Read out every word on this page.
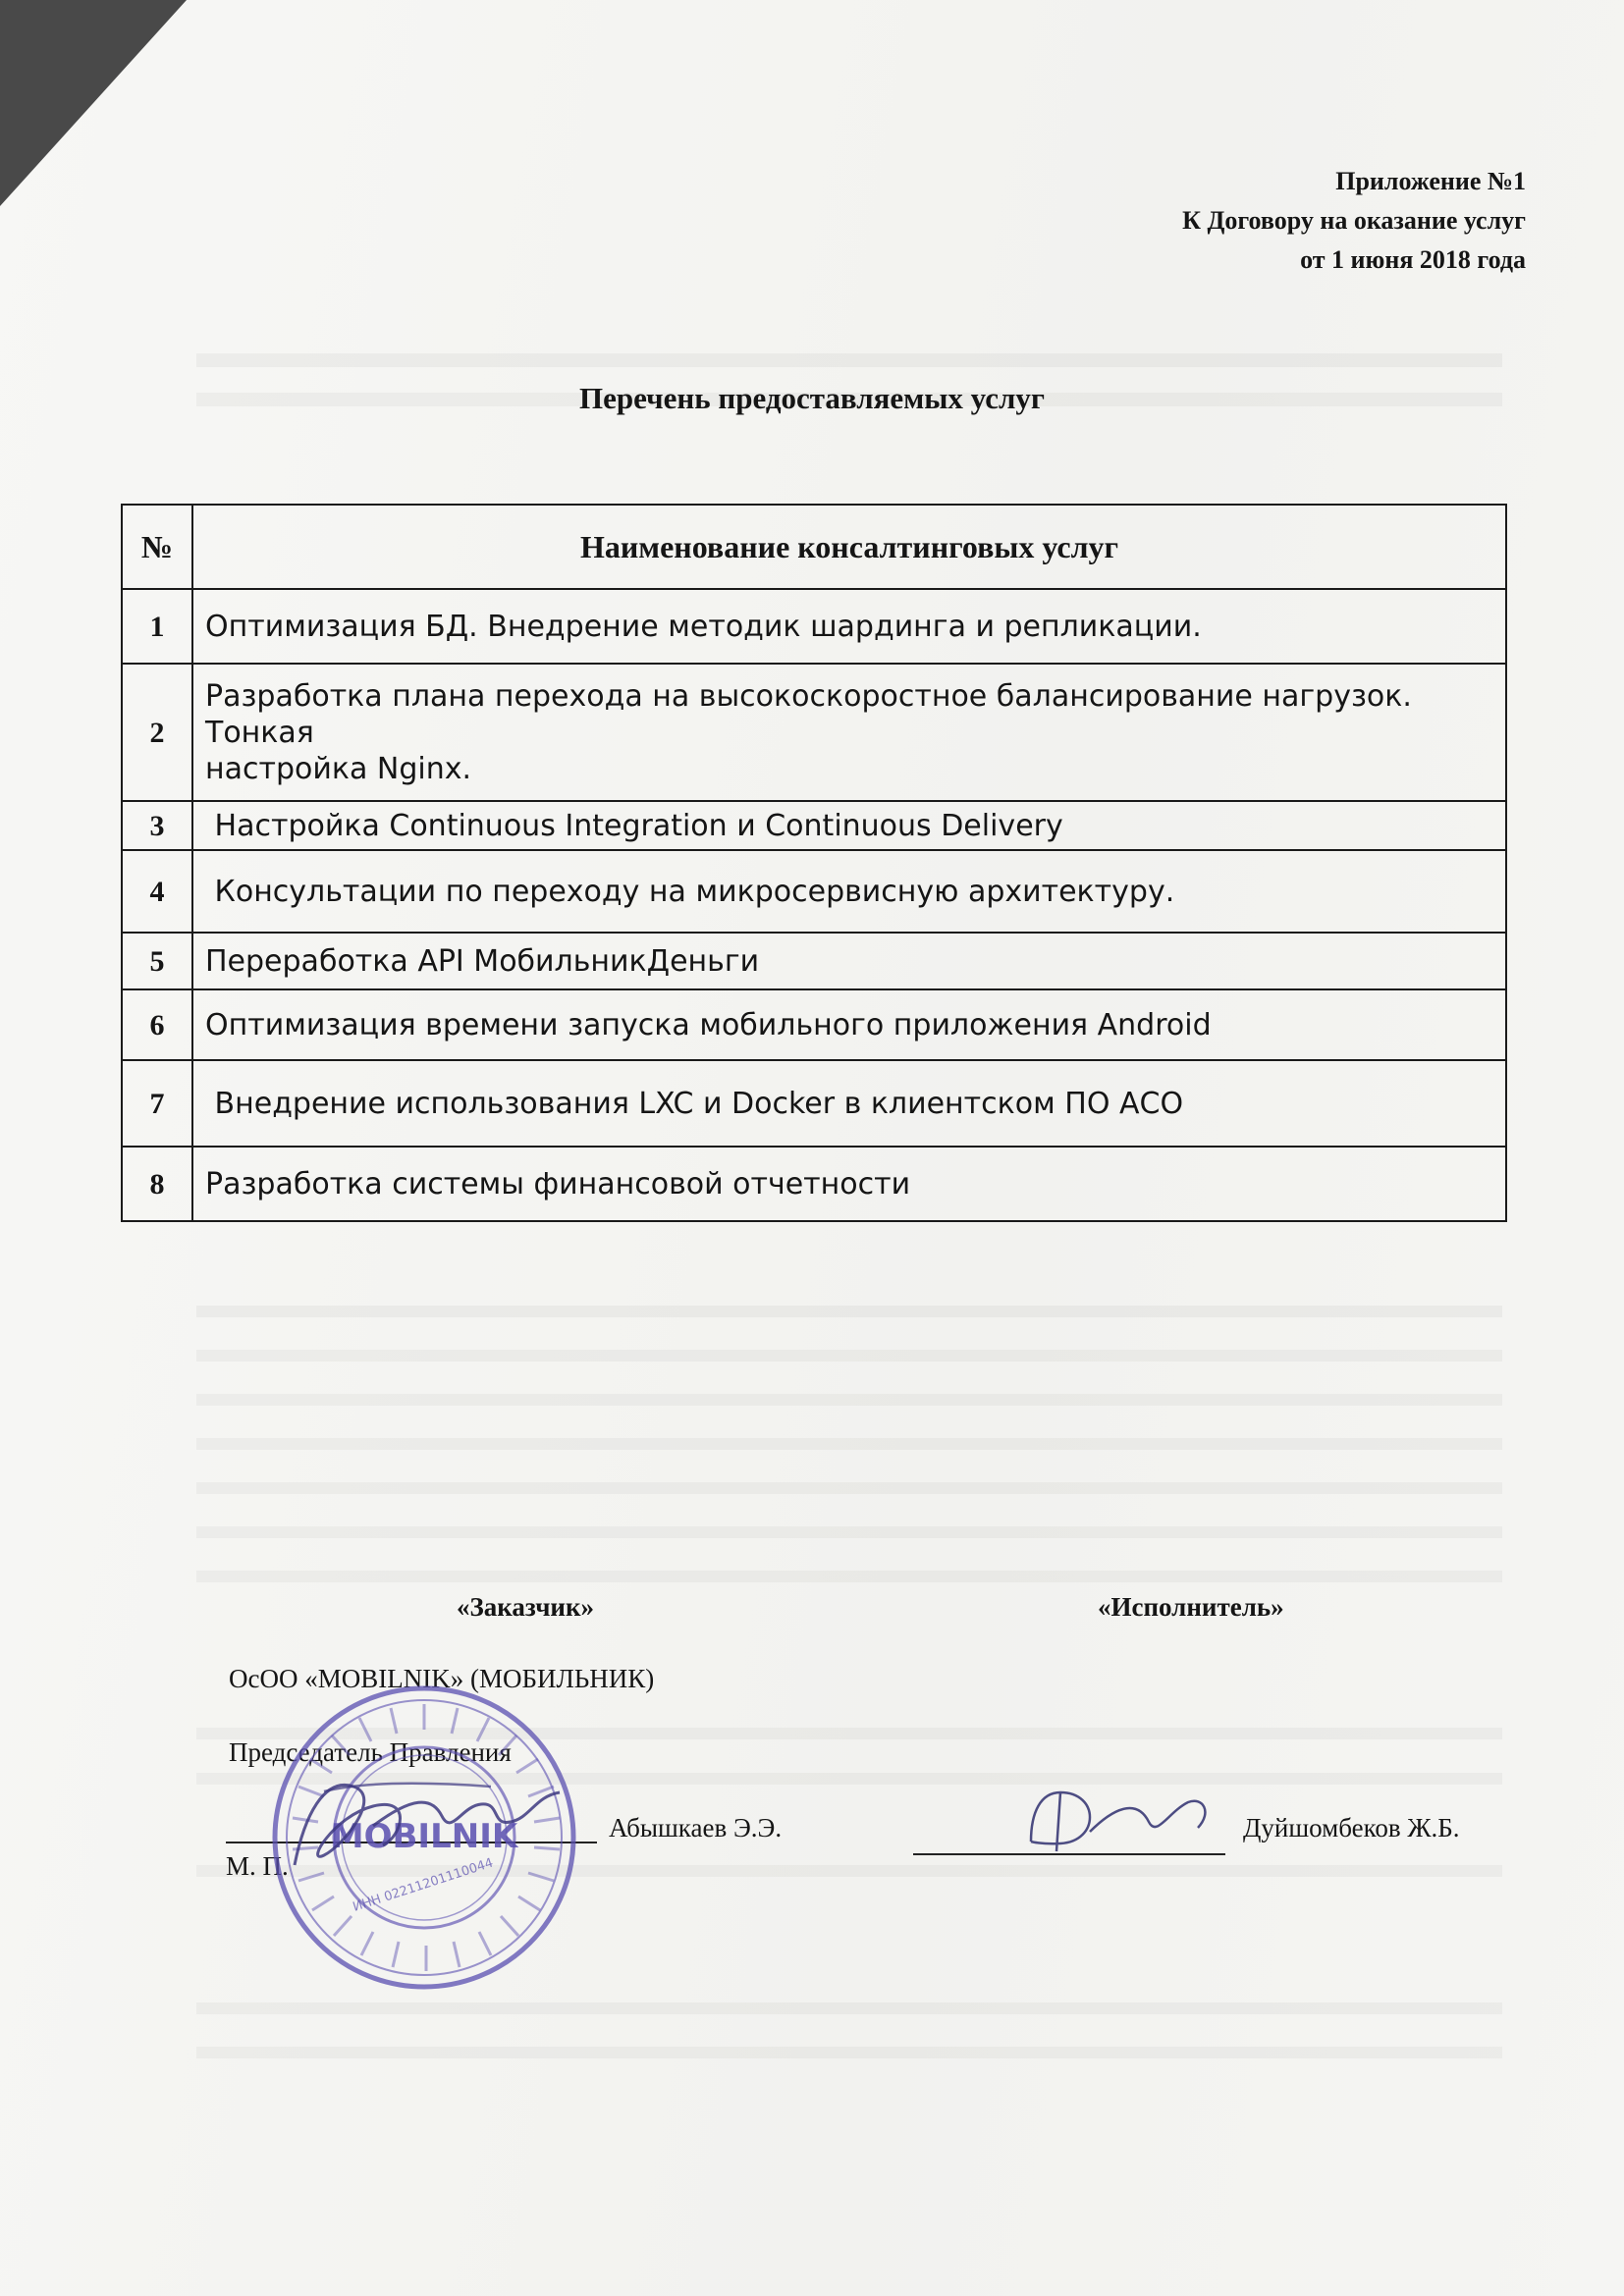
Приложение №1
К Договору на оказание услуг
от 1 июня 2018 года
Перечень предоставляемых услуг
№	Наименование консалтинговых услуг
1	Оптимизация БД. Внедрение методик шардинга и репликации.
2	Разработка плана перехода на высокоскоростное балансирование нагрузок. Тонкая
настройка Nginx.

3	Настройка Continuous Integration и Continuous Delivery
4	Консультации по переходу на микросервисную архитектуру.
5	Переработка API МобильникДеньги
6	Оптимизация времени запуска мобильного приложения Android
7	Внедрение использования LXC и Docker в клиентском ПО АСО
8	Разработка системы финансовой отчетности
«Заказчик»	«Исполнитель»
ОсОО «MOBILNIK» (МОБИЛЬНИК)
Председатель Правления
Абышкаев Э.Э.
М. П.
Дуйшомбеков Ж.Б.
MOBILNIK
ИНН 02211201110044
